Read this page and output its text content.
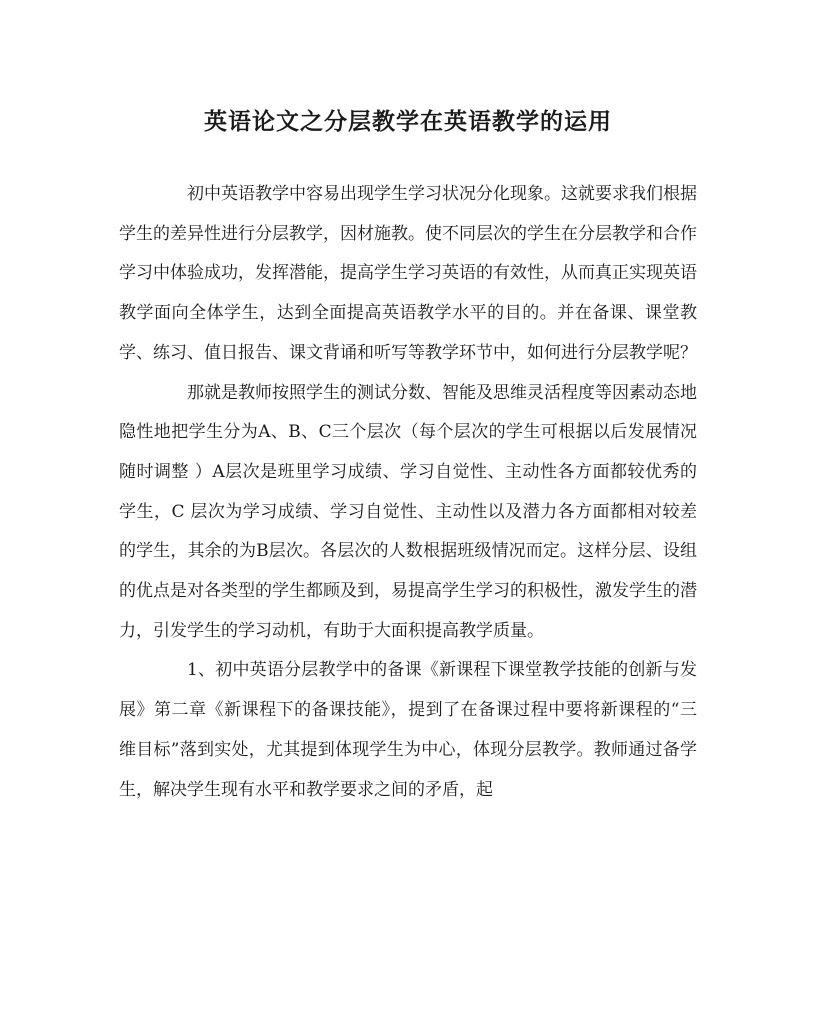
英语论文之分层教学在英语教学的运用

初中英语教学中容易出现学生学习状况分化现象。这就要求我们根据学生的差异性进行分层教学，因材施教。使不同层次的学生在分层教学和合作学习中体验成功，发挥潜能，提高学生学习英语的有效性，从而真正实现英语教学面向全体学生，达到全面提高英语教学水平的目的。并在备课、课堂教学、练习、值日报告、课文背诵和听写等教学环节中，如何进行分层教学呢？

那就是教师按照学生的测试分数、智能及思维灵活程度等因素动态地隐性地把学生分为A、B、C三个层次（每个层次的学生可根据以后发展情况随时调整 ）A层次是班里学习成绩、学习自觉性、主动性各方面都较优秀的学生，C 层次为学习成绩、学习自觉性、主动性以及潜力各方面都相对较差的学生，其余的为B层次。各层次的人数根据班级情况而定。这样分层、设组的优点是对各类型的学生都顾及到，易提高学生学习的积极性，激发学生的潜力，引发学生的学习动机，有助于大面积提高教学质量。

1、初中英语分层教学中的备课《新课程下课堂教学技能的创新与发展》第二章《新课程下的备课技能》，提到了在备课过程中要将新课程的“三维目标”落到实处，尤其提到体现学生为中心，体现分层教学。教师通过备学生，解决学生现有水平和教学要求之间的矛盾，起
